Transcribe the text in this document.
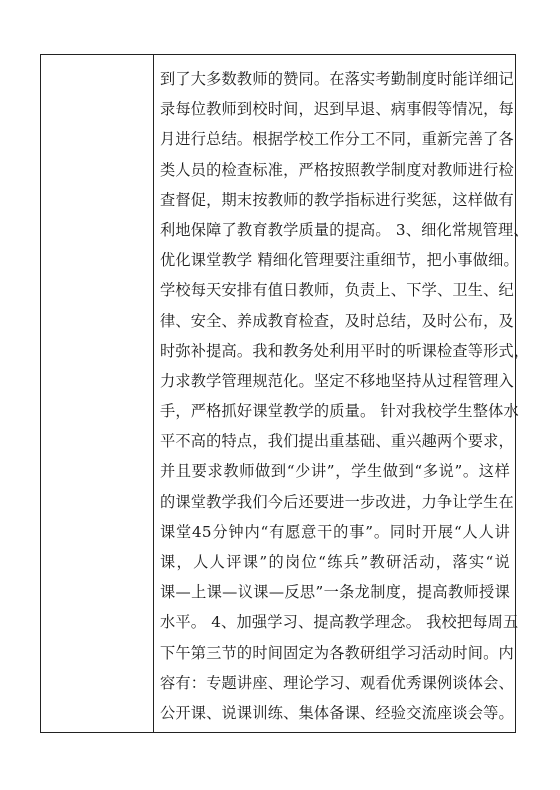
到了大多数教师的赞同。在落实考勤制度时能详细记
录每位教师到校时间，迟到早退、病事假等情况，每
月进行总结。根据学校工作分工不同，重新完善了各
类人员的检查标准，严格按照教学制度对教师进行检
查督促，期末按教师的教学指标进行奖惩，这样做有
利地保障了教育教学质量的提高。 3、细化常规管理、
优化课堂教学 精细化管理要注重细节，把小事做细。
学校每天安排有值日教师，负责上、下学、卫生、纪
律、安全、养成教育检查，及时总结，及时公布，及
时弥补提高。我和教务处利用平时的听课检查等形式，
力求教学管理规范化。坚定不移地坚持从过程管理入
手，严格抓好课堂教学的质量。 针对我校学生整体水
平不高的特点，我们提出重基础、重兴趣两个要求，
并且要求教师做到“少讲”，学生做到“多说”。这样
的课堂教学我们今后还要进一步改进，力争让学生在
课堂45分钟内“有愿意干的事”。同时开展“人人讲
课，人人评课”的岗位“练兵”教研活动，落实“说
课—上课—议课—反思”一条龙制度，提高教师授课
水平。 4、加强学习、提高教学理念。 我校把每周五
下午第三节的时间固定为各教研组学习活动时间。内
容有：专题讲座、理论学习、观看优秀课例谈体会、
公开课、说课训练、集体备课、经验交流座谈会等。
